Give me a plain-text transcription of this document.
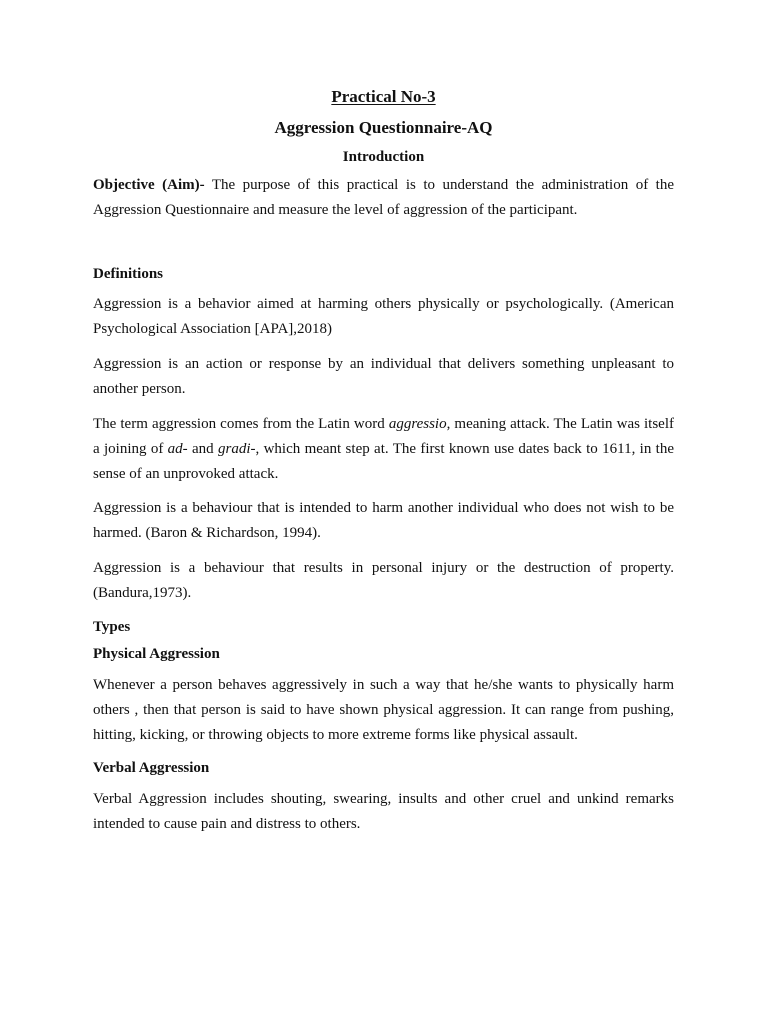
Practical No-3
Aggression Questionnaire-AQ
Introduction

Objective (Aim)- The purpose of this practical is to understand the administration of the Aggression Questionnaire and measure the level of aggression of the participant.

Definitions

Aggression is a behavior aimed at harming others physically or psychologically. (American Psychological Association [APA],2018)

Aggression is an action or response by an individual that delivers something unpleasant to another person.

The term aggression comes from the Latin word aggressio, meaning attack. The Latin was itself a joining of ad- and gradi-, which meant step at. The first known use dates back to 1611, in the sense of an unprovoked attack.

Aggression is a behaviour that is intended to harm another individual who does not wish to be harmed. (Baron & Richardson, 1994).

Aggression is a behaviour that results in personal injury or the destruction of property. (Bandura,1973).

Types
Physical Aggression

Whenever a person behaves aggressively in such a way that he/she wants to physically harm others , then that person is said to have shown physical aggression. It can range from pushing, hitting, kicking, or throwing objects to more extreme forms like physical assault.

Verbal Aggression

Verbal Aggression includes shouting, swearing, insults and other cruel and unkind remarks intended to cause pain and distress to others.
